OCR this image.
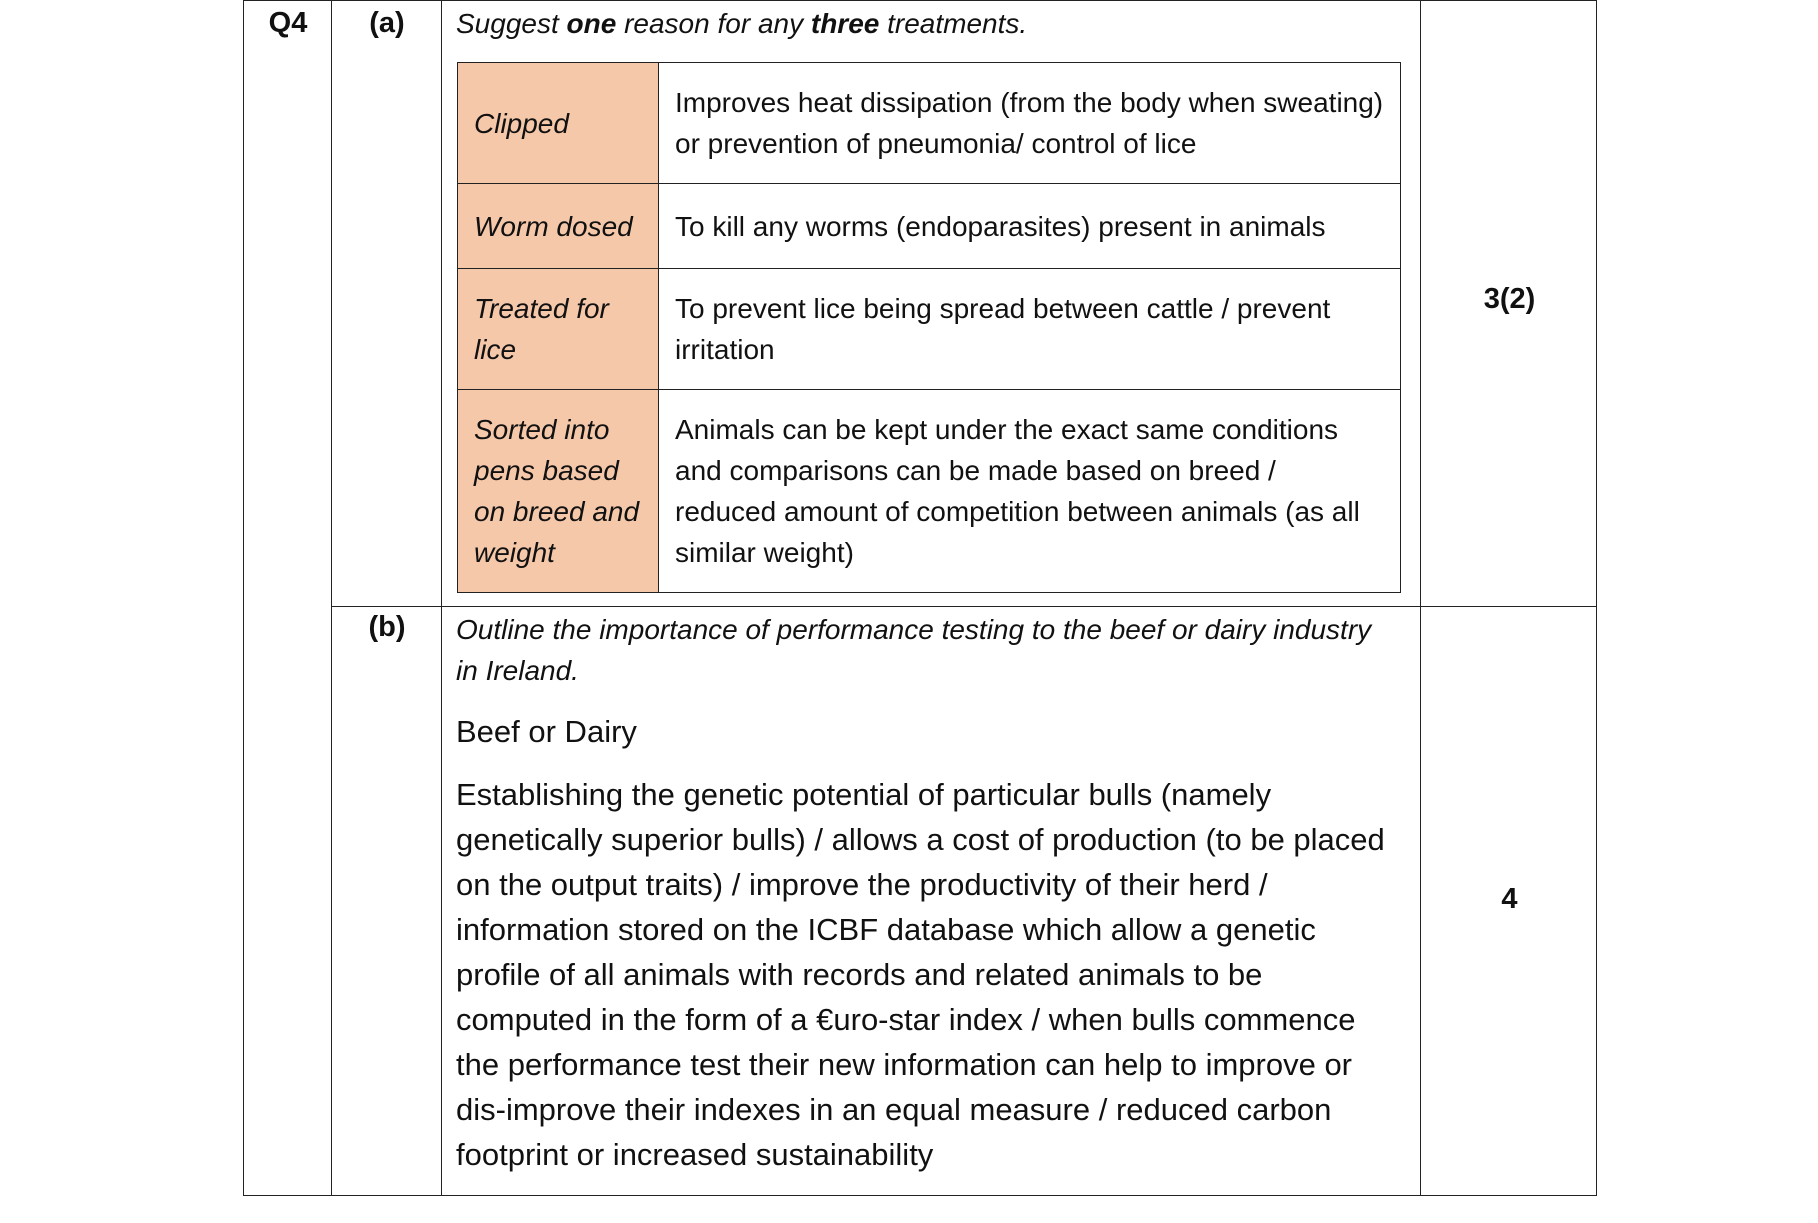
Q4	(a)	Suggest one reason for any three treatments.
Clipped	Improves heat dissipation (from the body when sweating) or prevention of pneumonia/ control of lice
Worm dosed	To kill any worms (endoparasites) present in animals
Treated for lice	To prevent lice being spread between cattle / prevent irritation
Sorted into pens based on breed and weight	Animals can be kept under the exact same conditions and comparisons can be made based on breed / reduced amount of competition between animals (as all similar weight)
3(2)
(b)	Outline the importance of performance testing to the beef or dairy industry in Ireland.
Beef or Dairy
Establishing the genetic potential of particular bulls (namely genetically superior bulls) / allows a cost of production (to be placed on the output traits) / improve the productivity of their herd / information stored on the ICBF database which allow a genetic profile of all animals with records and related animals to be computed in the form of a €uro-star index / when bulls commence the performance test their new information can help to improve or dis-improve their indexes in an equal measure / reduced carbon footprint or increased sustainability
4
